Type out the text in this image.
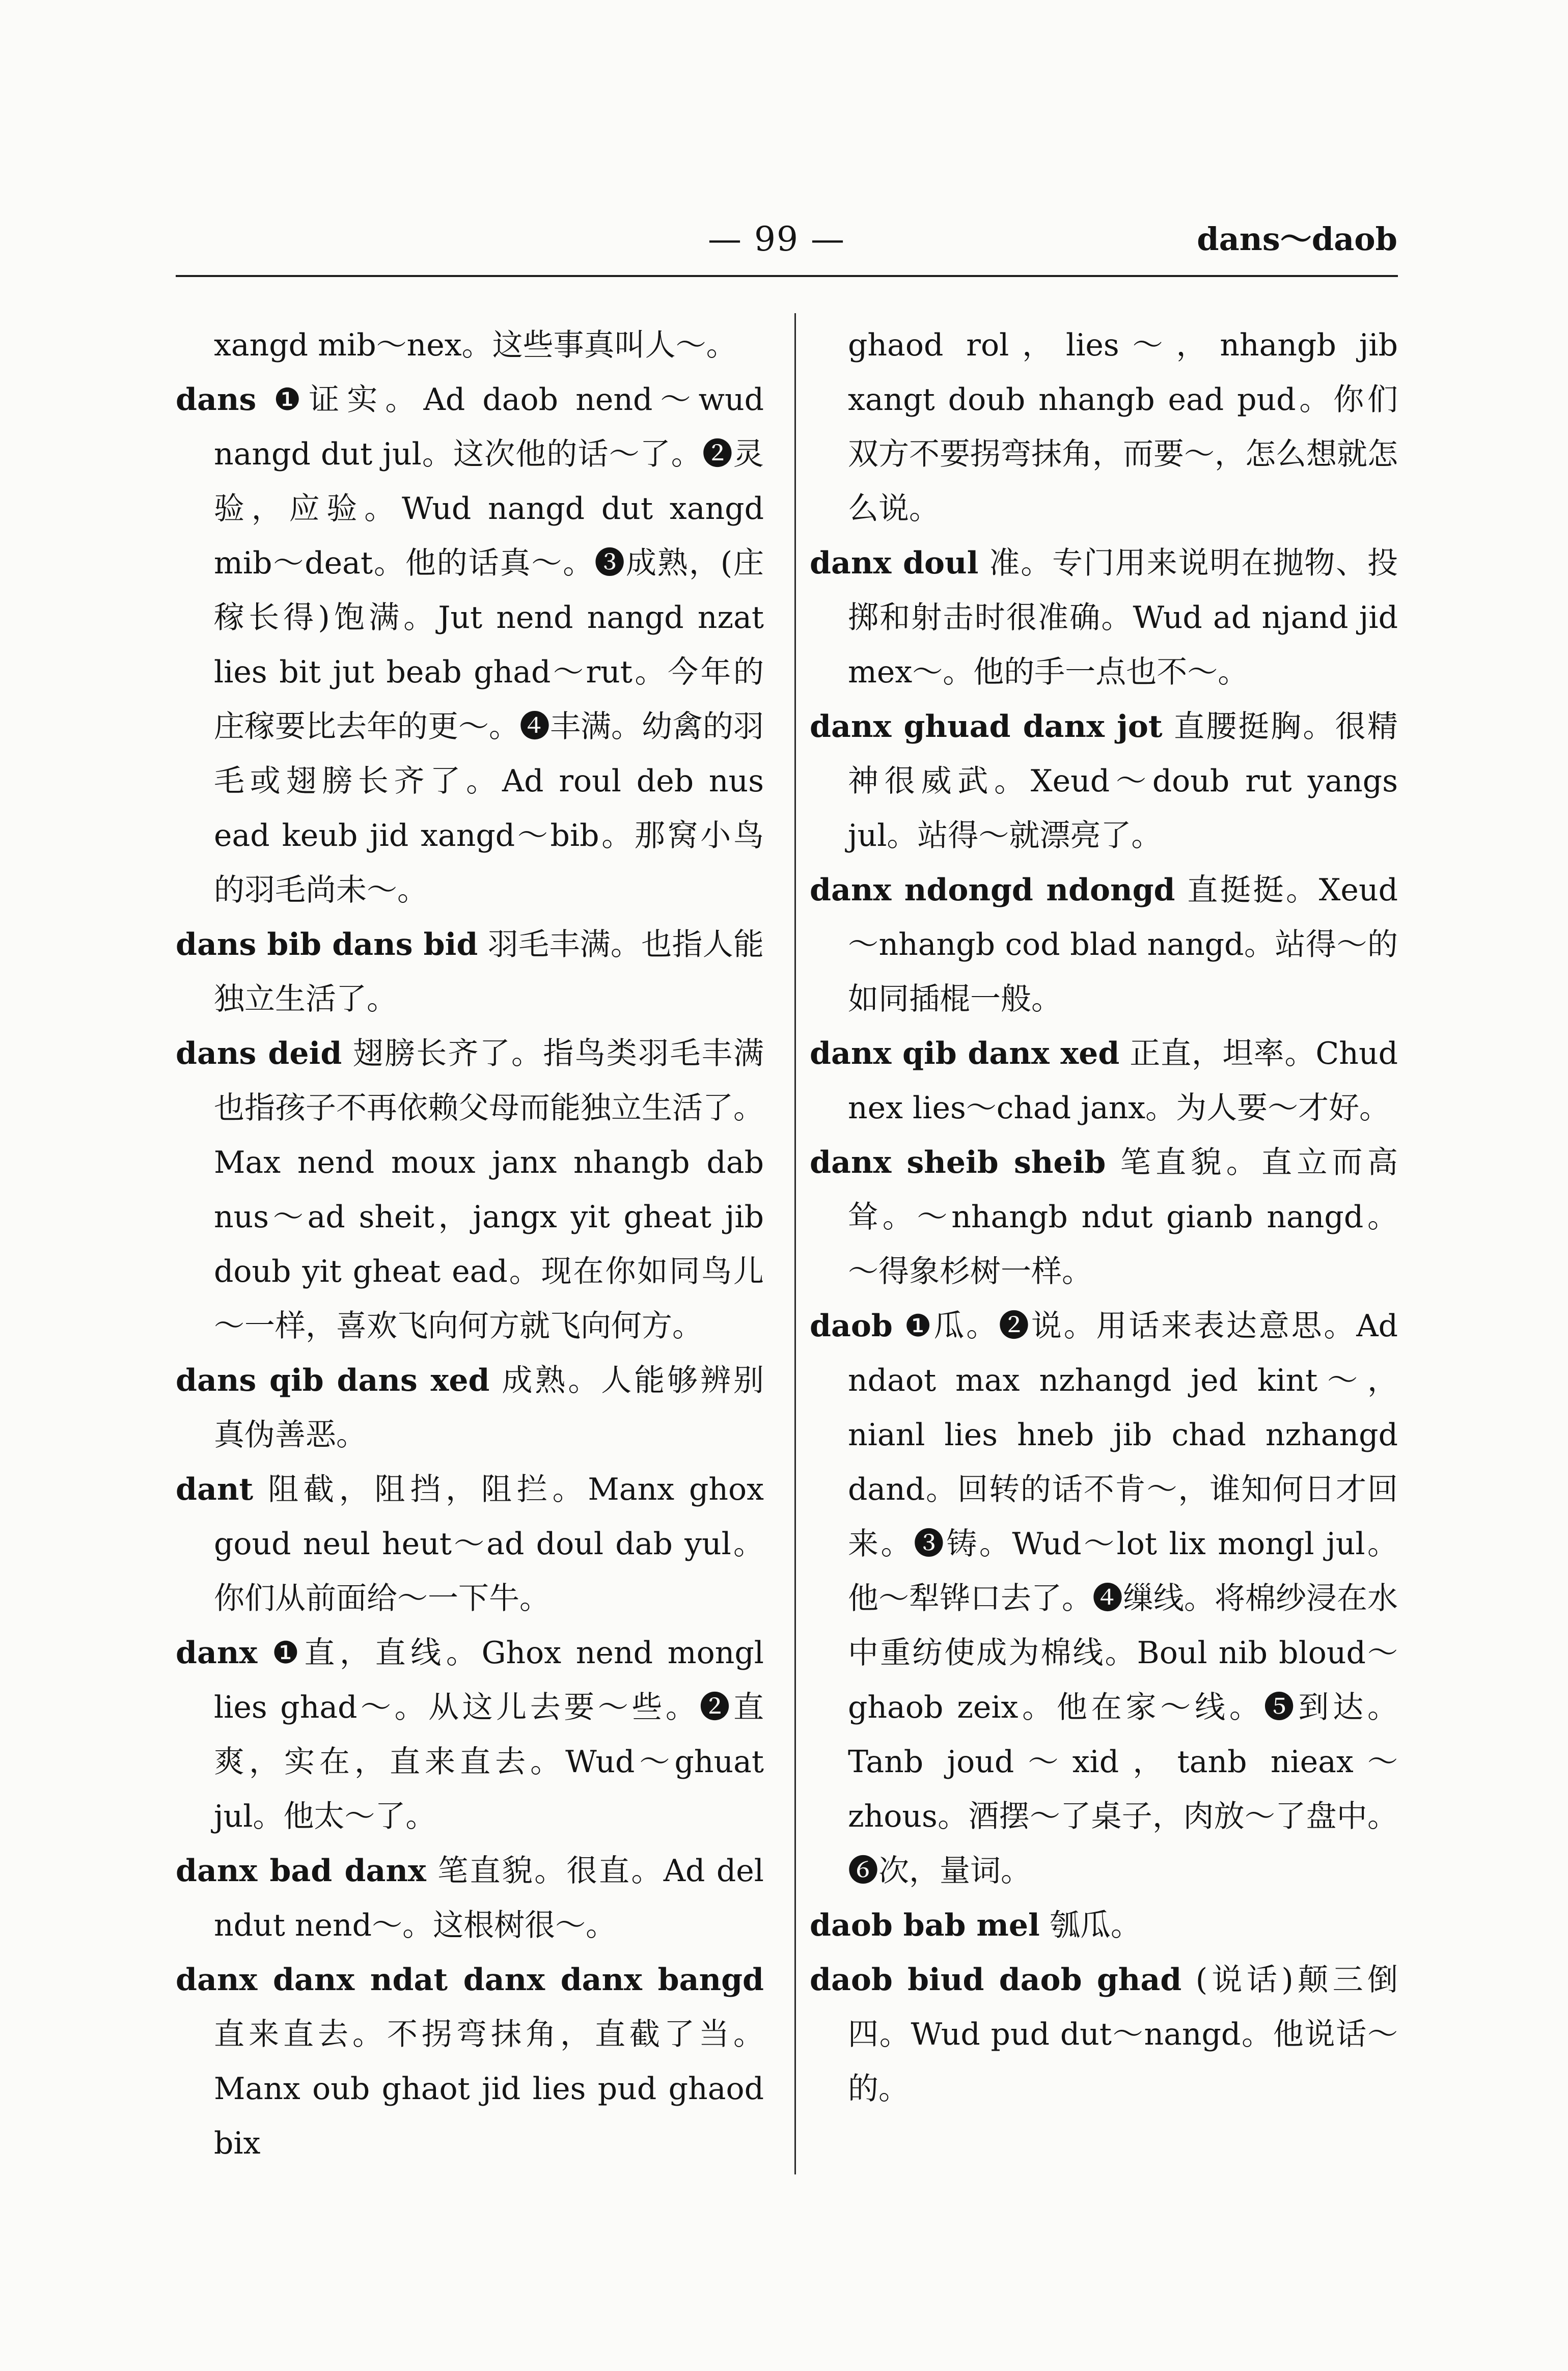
— 99 —	dans～daob

xangd mib～nex。这些事真叫人～。

dans ❶证实。Ad daob nend～wud nangd dut jul。这次他的话～了。❷灵验，应验。Wud nangd dut xangd mib～deat。他的话真～。❸成熟，(庄稼长得)饱满。Jut nend nangd nzat lies bit jut beab ghad～rut。今年的庄稼要比去年的更～。❹丰满。幼禽的羽毛或翅膀长齐了。Ad roul deb nus ead keub jid xangd～bib。那窝小鸟的羽毛尚未～。

dans bib dans bid 羽毛丰满。也指人能独立生活了。

dans deid 翅膀长齐了。指鸟类羽毛丰满也指孩子不再依赖父母而能独立生活了。Max nend moux janx nhangb dab nus～ad sheit，jangx yit gheat jib doub yit gheat ead。现在你如同鸟儿～一样，喜欢飞向何方就飞向何方。

dans qib dans xed 成熟。人能够辨别真伪善恶。

dant 阻截，阻挡，阻拦。Manx ghox goud neul heut～ad doul dab yul。你们从前面给～一下牛。

danx ❶直，直线。Ghox nend mongl lies ghad～。从这儿去要～些。❷直爽，实在，直来直去。Wud～ghuat jul。他太～了。

danx bad danx 笔直貌。很直。Ad del ndut nend～。这根树很～。

danx danx ndat danx danx bangd 直来直去。不拐弯抹角，直截了当。Manx oub ghaot jid lies pud ghaod bix

ghaod rol，lies～，nhangb jib xangt doub nhangb ead pud。你们双方不要拐弯抹角，而要～，怎么想就怎么说。

danx doul 准。专门用来说明在抛物、投掷和射击时很准确。Wud ad njand jid mex～。他的手一点也不～。

danx ghuad danx jot 直腰挺胸。很精神很威武。Xeud～doub rut yangs jul。站得～就漂亮了。

danx ndongd ndongd 直挺挺。Xeud～nhangb cod blad nangd。站得～的如同插棍一般。

danx qib danx xed 正直，坦率。Chud nex lies～chad janx。为人要～才好。

danx sheib sheib 笔直貌。直立而高耸。～nhangb ndut gianb nangd。～得象杉树一样。

daob ❶瓜。❷说。用话来表达意思。Ad ndaot max nzhangd jed kint～，nianl lies hneb jib chad nzhangd dand。回转的话不肯～，谁知何日才回来。❸铸。Wud～lot lix mongl jul。他～犁铧口去了。❹缫线。将棉纱浸在水中重纺使成为棉线。Boul nib bloud～ghaob zeix。他在家～线。❺到达。Tanb joud～xid，tanb nieax～zhous。酒摆～了桌子，肉放～了盘中。❻次，量词。

daob bab mel 瓠瓜。

daob biud daob ghad (说话)颠三倒四。Wud pud dut～nangd。他说话～的。
